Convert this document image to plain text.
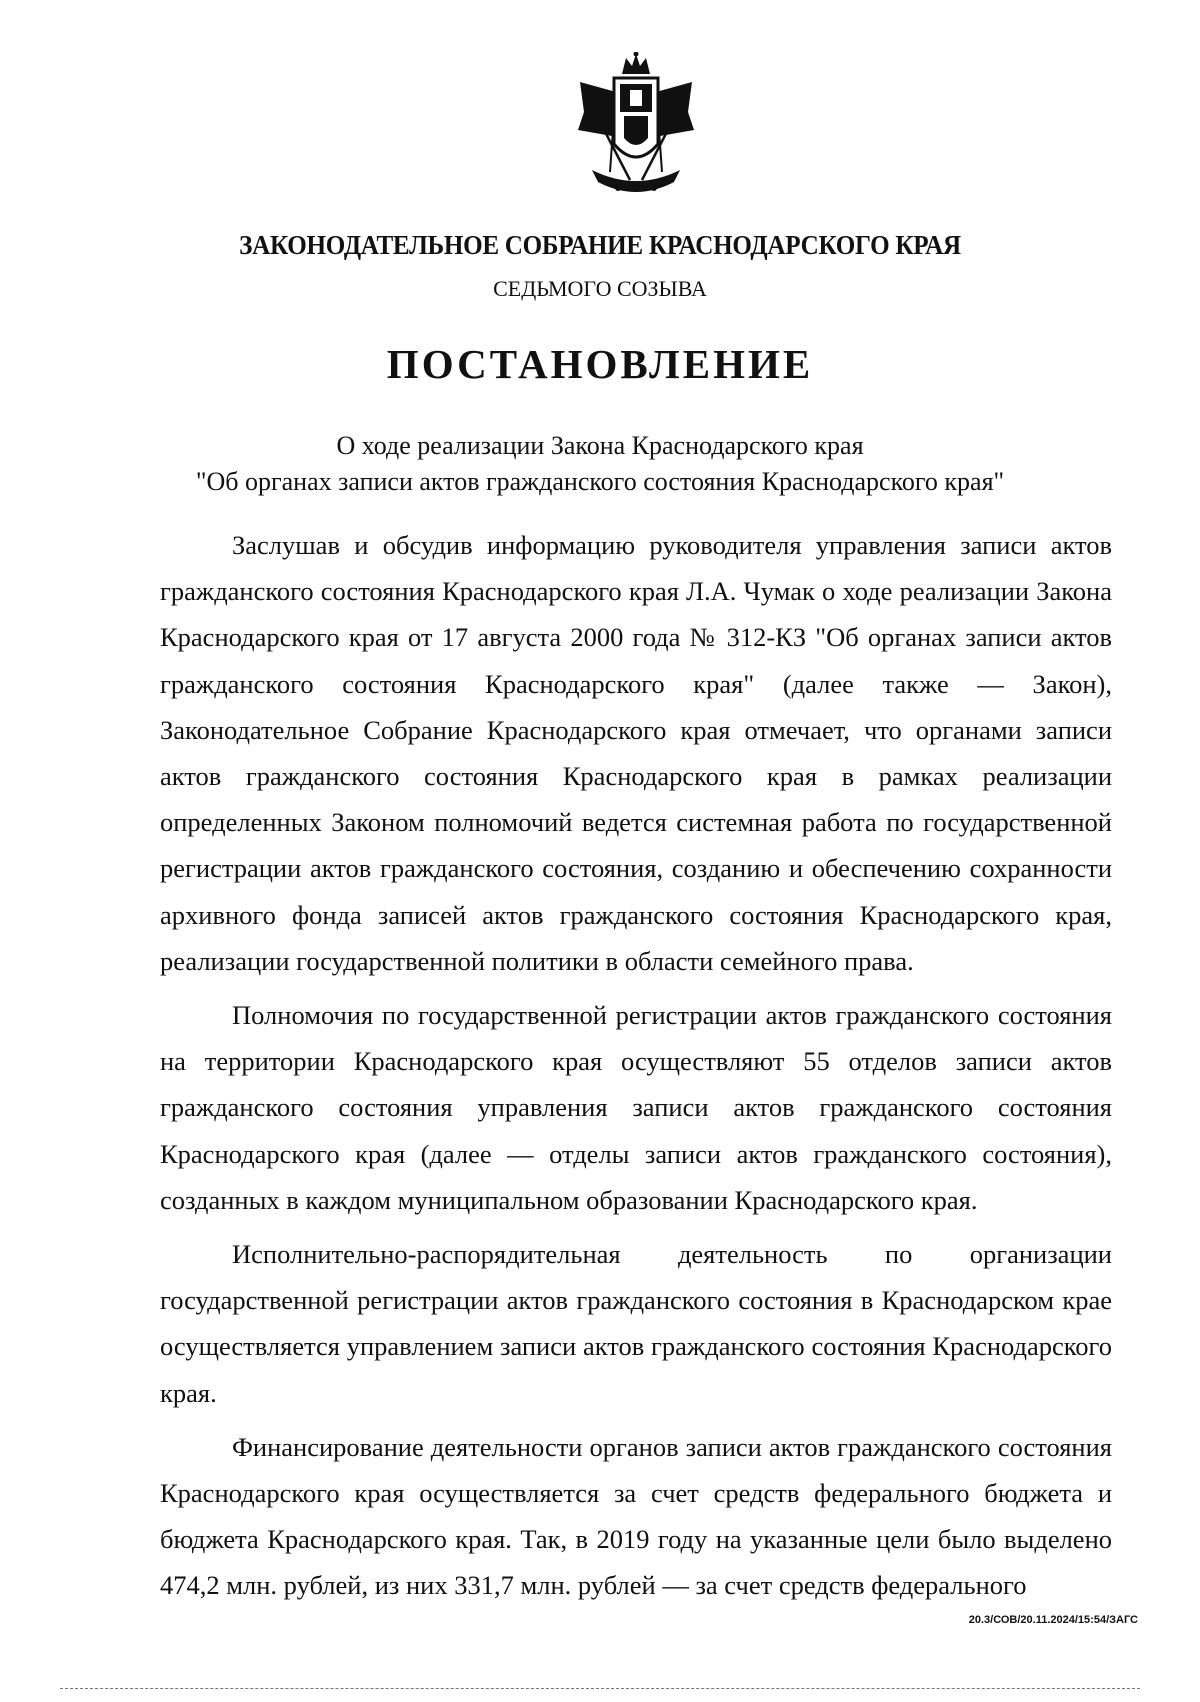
ЗАКОНОДАТЕЛЬНОЕ СОБРАНИЕ КРАСНОДАРСКОГО КРАЯ
СЕДЬМОГО СОЗЫВА
ПОСТАНОВЛЕНИЕ
О ходе реализации Закона Краснодарского края
"Об органах записи актов гражданского состояния Краснодарского края"

Заслушав и обсудив информацию руководителя управления записи актов гражданского состояния Краснодарского края Л.А. Чумак о ходе реализации Закона Краснодарского края от 17 августа 2000 года № 312-КЗ "Об органах записи актов гражданского состояния Краснодарского края" (далее также — Закон), Законодательное Собрание Краснодарского края отмечает, что органами записи актов гражданского состояния Краснодарского края в рамках реализации определенных Законом полномочий ведется системная работа по государственной регистрации актов гражданского состояния, созданию и обеспечению сохранности архивного фонда записей актов гражданского состояния Краснодарского края, реализации государственной политики в области семейного права.

Полномочия по государственной регистрации актов гражданского состояния на территории Краснодарского края осуществляют 55 отделов записи актов гражданского состояния управления записи актов гражданского состояния Краснодарского края (далее — отделы записи актов гражданского состояния), созданных в каждом муниципальном образовании Краснодарского края.

Исполнительно-распорядительная деятельность по организации государственной регистрации актов гражданского состояния в Краснодарском крае осуществляется управлением записи актов гражданского состояния Краснодарского края.

Финансирование деятельности органов записи актов гражданского состояния Краснодарского края осуществляется за счет средств федерального бюджета и бюджета Краснодарского края. Так, в 2019 году на указанные цели было выделено 474,2 млн. рублей, из них 331,7 млн. рублей — за счет средств федерального

20.3/СОВ/20.11.2024/15:54/ЗАГС
